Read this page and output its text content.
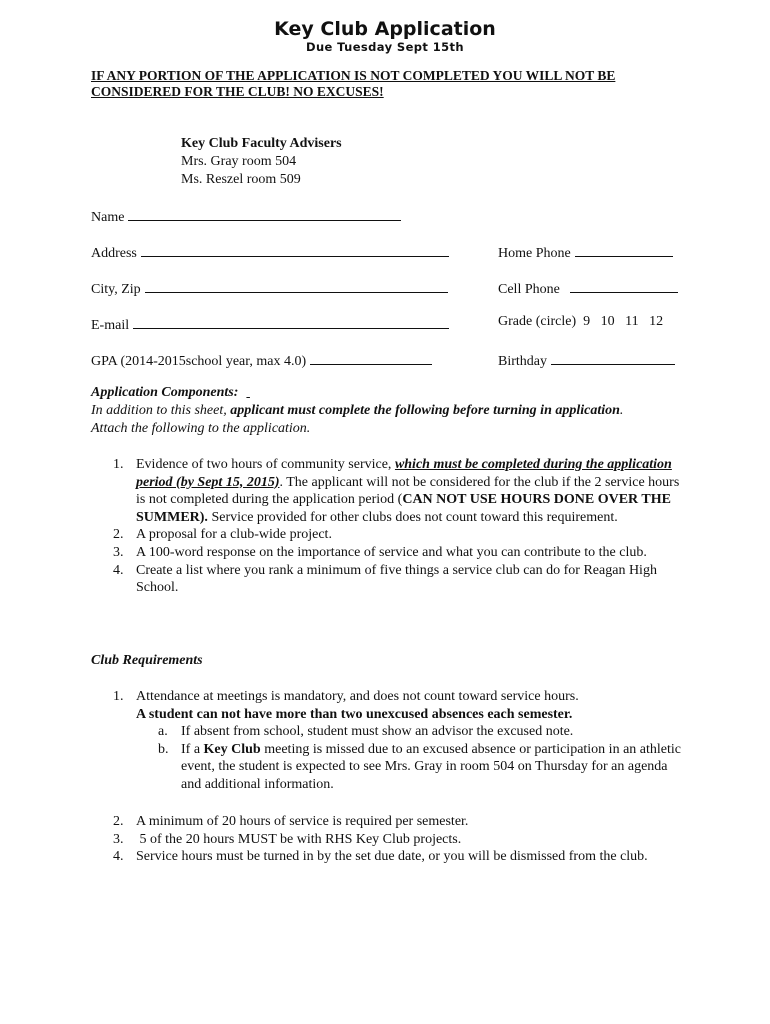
Key Club Application
Due Tuesday Sept 15th
IF ANY PORTION OF THE APPLICATION IS NOT COMPLETED YOU WILL NOT BE
CONSIDERED FOR THE CLUB! NO EXCUSES!
Key Club Faculty Advisers
Mrs. Gray room 504
Ms. Reszel room 509
Name
Address	Home Phone
City, Zip	Cell Phone
E-mail	Grade (circle)  9   10   11   12
GPA (2014-2015school year, max 4.0)	Birthday
Application Components:
In addition to this sheet, applicant must complete the following before turning in application.
Attach the following to the application.
1. Evidence of two hours of community service, which must be completed during the application period (by Sept 15, 2015). The applicant will not be considered for the club if the 2 service hours is not completed during the application period (CAN NOT USE HOURS DONE OVER THE SUMMER). Service provided for other clubs does not count toward this requirement.
2. A proposal for a club-wide project.
3. A 100-word response on the importance of service and what you can contribute to the club.
4. Create a list where you rank a minimum of five things a service club can do for Reagan High School.
Club Requirements
1. Attendance at meetings is mandatory, and does not count toward service hours.
A student can not have more than two unexcused absences each semester.
a. If absent from school, student must show an advisor the excused note.
b. If a Key Club meeting is missed due to an excused absence or participation in an athletic event, the student is expected to see Mrs. Gray in room 504 on Thursday for an agenda and additional information.
2. A minimum of 20 hours of service is required per semester.
3. 5 of the 20 hours MUST be with RHS Key Club projects.
4. Service hours must be turned in by the set due date, or you will be dismissed from the club.
